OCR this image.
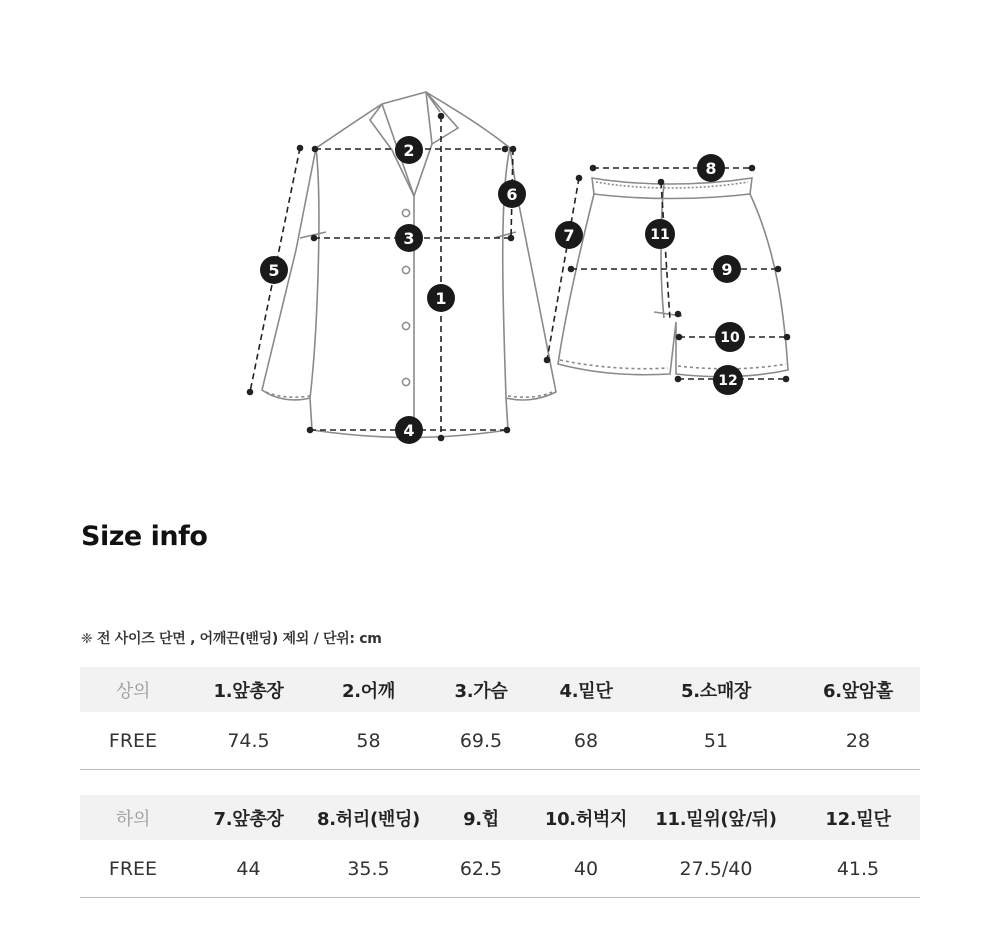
1
2
3
4
5
6
7
8
9
10
11
12
Size info
❈ 전 사이즈 단면 , 어깨끈(밴딩) 제외 / 단위: cm
상의	1.앞총장	2.어깨	3.가슴	4.밑단	5.소매장	6.앞암홀
FREE	74.5	58	69.5	68	51	28
하의	7.앞총장	8.허리(밴딩)	9.힙	10.허벅지	11.밑위(앞/뒤)	12.밑단
FREE	44	35.5	62.5	40	27.5/40	41.5
